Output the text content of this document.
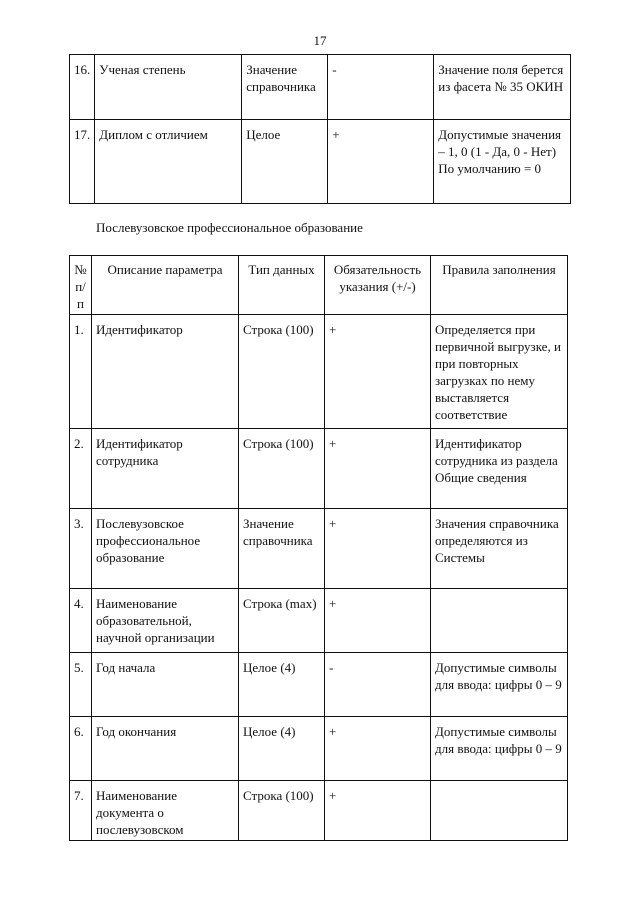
17
16.	Ученая степень	Значение справочника	-	Значение поля берется из фасета № 35 ОКИН
17.	Диплом с отличием	Целое	+	Допустимые значения – 1, 0 (1 - Да, 0 - Нет) По умолчанию = 0
Послевузовское профессиональное образование
№ п/п	Описание параметра	Тип данных	Обязательность указания (+/-)	Правила заполнения
1.	Идентификатор	Строка (100)	+	Определяется при первичной выгрузке, и при повторных загрузках по нему выставляется соответствие
2.	Идентификатор сотрудника	Строка (100)	+	Идентификатор сотрудника из раздела Общие сведения
3.	Послевузовское профессиональное образование	Значение справочника	+	Значения справочника определяются из Системы
4.	Наименование образовательной, научной организации	Строка (max)	+	
5.	Год начала	Целое (4)	-	Допустимые символы для ввода: цифры 0 – 9
6.	Год окончания	Целое (4)	+	Допустимые символы для ввода: цифры 0 – 9
7.	Наименование документа о послевузовском	Строка (100)	+	
